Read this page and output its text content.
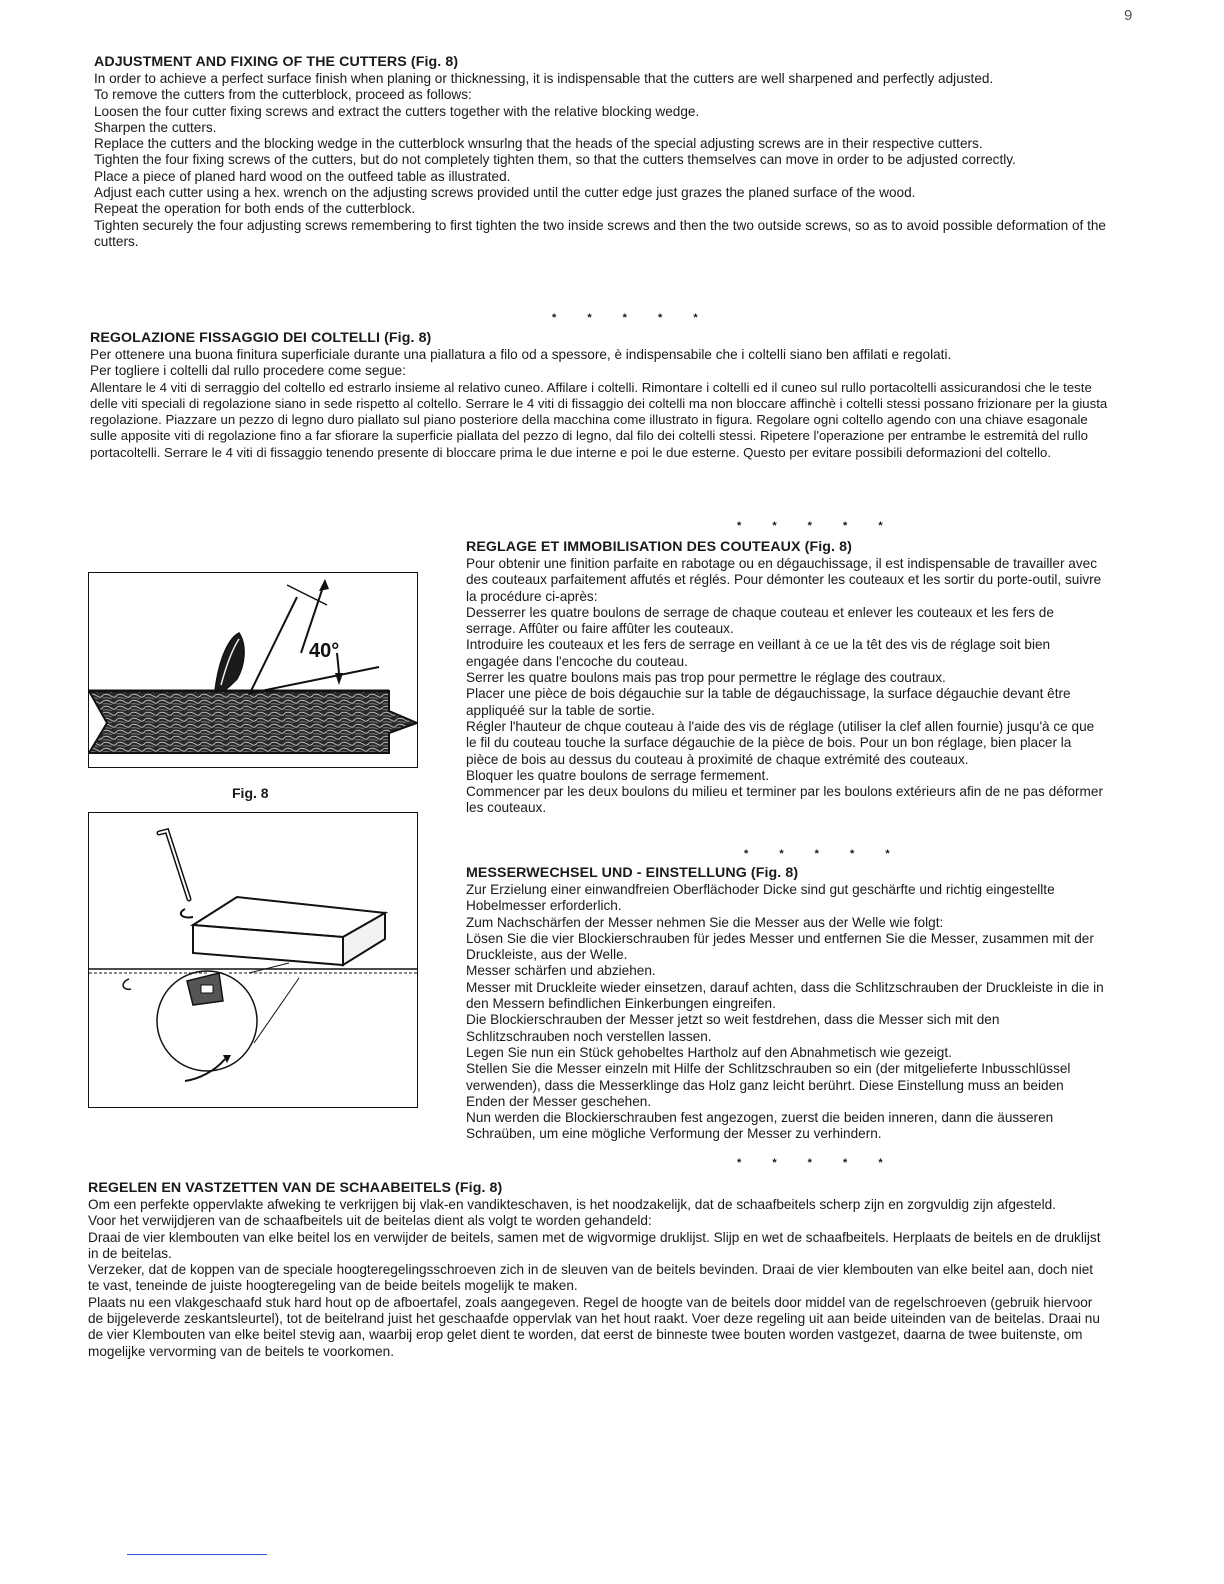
9
ADJUSTMENT AND FIXING OF THE CUTTERS (Fig. 8)

In order to achieve a perfect surface finish when planing or thicknessing, it is indispensable that the cutters are well sharpened and perfectly adjusted.

To remove the cutters from the cutterblock, proceed as follows:

Loosen the four cutter fixing screws and extract the cutters together with the relative blocking wedge.

Sharpen the cutters.

Replace the cutters and the blocking wedge in the cutterblock wnsurlng that the heads of the special adjusting screws are in their respective cutters.

Tighten the four fixing screws of the cutters, but do not completely tighten them, so that the cutters themselves can move in order to be adjusted correctly.

Place a piece of planed hard wood on the outfeed table as illustrated.

Adjust each cutter using a hex. wrench on the adjusting screws provided until the cutter edge just grazes the planed surface of the wood.

Repeat the operation for both ends of the cutterblock.

Tighten securely the four adjusting screws remembering to first tighten the two inside screws and then the two outside screws, so as to avoid possible deformation of the cutters.

* * * * *
REGOLAZIONE FISSAGGIO DEI COLTELLI (Fig. 8)

Per ottenere una buona finitura superficiale durante una piallatura a filo od a spessore, è indispensabile che i coltelli siano ben affilati e regolati.

Per togliere i coltelli dal rullo procedere come segue:

Allentare le 4 viti di serraggio del coltello ed estrarlo insieme al relativo cuneo. Affilare i coltelli. Rimontare i coltelli ed il cuneo sul rullo portacoltelli assicurandosi che le teste delle viti speciali di regolazione siano in sede rispetto al coltello. Serrare le 4 viti di fissaggio dei coltelli ma non bloccare affinchè i coltelli stessi possano frizionare per la giusta regolazione. Piazzare un pezzo di legno duro piallato sul piano posteriore della macchina come illustrato in figura. Regolare ogni coltello agendo con una chiave esagonale sulle apposite viti di regolazione fino a far sfiorare la superficie piallata del pezzo di legno, dal filo dei coltelli stessi. Ripetere l'operazione per entrambe le estremità del rullo portacoltelli. Serrare le 4 viti di fissaggio tenendo presente di bloccare prima le due interne e poi le due esterne. Questo per evitare possibili deformazioni del coltello.

* * * * *
40°
Fig. 8
REGLAGE ET IMMOBILISATION DES COUTEAUX (Fig. 8)

Pour obtenir une finition parfaite en rabotage ou en dégauchissage, il est indispensable de travailler avec des couteaux parfaitement affutés et réglés. Pour démonter les couteaux et les sortir du porte-outil, suivre la procédure ci-après:

Desserrer les quatre boulons de serrage de chaque couteau et enlever les couteaux et les fers de serrage. Affûter ou faire affûter les couteaux.

Introduire les couteaux et les fers de serrage en veillant à ce ue la têt des vis de réglage soit bien engagée dans l'encoche du couteau.

Serrer les quatre boulons mais pas trop pour permettre le réglage des coutraux.

Placer une pièce de bois dégauchie sur la table de dégauchissage, la surface dégauchie devant être appliquéé sur la table de sortie.

Régler l'hauteur de chque couteau à l'aide des vis de réglage (utiliser la clef allen fournie) jusqu'à ce que le fil du couteau touche la surface dégauchie de la pièce de bois. Pour un bon réglage, bien placer la pièce de bois au dessus du couteau à proximité de chaque extrémité des couteaux.

Bloquer les quatre boulons de serrage fermement.

Commencer par les deux boulons du milieu et terminer par les boulons extérieurs afin de ne pas déformer les couteaux.

* * * * *
MESSERWECHSEL UND - EINSTELLUNG (Fig. 8)

Zur Erzielung einer einwandfreien Oberflächoder Dicke sind gut geschärfte und richtig eingestellte Hobelmesser erforderlich.

Zum Nachschärfen der Messer nehmen Sie die Messer aus der Welle wie folgt:

Lösen Sie die vier Blockierschrauben für jedes Messer und entfernen Sie die Messer, zusammen mit der Druckleiste, aus der Welle.

Messer schärfen und abziehen.

Messer mit Druckleite wieder einsetzen, darauf achten, dass die Schlitzschrauben der Druckleiste in die in den Messern befindlichen Einkerbungen eingreifen.

Die Blockierschrauben der Messer jetzt so weit festdrehen, dass die Messer sich mit den Schlitzschrauben noch verstellen lassen.

Legen Sie nun ein Stück gehobeltes Hartholz auf den Abnahmetisch wie gezeigt.

Stellen Sie die Messer einzeln mit Hilfe der Schlitzschrauben so ein (der mitgelieferte Inbusschlüssel verwenden), dass die Messerklinge das Holz ganz leicht berührt. Diese Einstellung muss an beiden Enden der Messer geschehen.

Nun werden die Blockierschrauben fest angezogen, zuerst die beiden inneren, dann die äusseren Schraüben, um eine mögliche Verformung der Messer zu verhindern.

* * * * *
REGELEN EN VASTZETTEN VAN DE SCHAABEITELS (Fig. 8)

Om een perfekte oppervlakte afweking te verkrijgen bij vlak-en vandikteschaven, is het noodzakelijk, dat de schaafbeitels scherp zijn en zorgvuldig zijn afgesteld.

Voor het verwijdjeren van de schaafbeitels uit de beitelas dient als volgt te worden gehandeld:

Draai de vier klembouten van elke beitel los en verwijder de beitels, samen met de wigvormige druklijst. Slijp en wet de schaafbeitels. Herplaats de beitels en de druklijst in de beitelas.

Verzeker, dat de koppen van de speciale hoogteregelingsschroeven zich in de sleuven van de beitels bevinden. Draai de vier klembouten van elke beitel aan, doch niet te vast, teneinde de juiste hoogteregeling van de beide beitels mogelijk te maken.

Plaats nu een vlakgeschaafd stuk hard hout op de afboertafel, zoals aangegeven. Regel de hoogte van de beitels door middel van de regelschroeven (gebruik hiervoor de bijgeleverde zeskantsleurtel), tot de beitelrand juist het geschaafde oppervlak van het hout raakt. Voer deze regeling uit aan beide uiteinden van de beitelas. Draai nu de vier Klembouten van elke beitel stevig aan, waarbij erop gelet dient te worden, dat eerst de binneste twee bouten worden vastgezet, daarna de twee buitenste, om mogelijke vervorming van de beitels te voorkomen.
